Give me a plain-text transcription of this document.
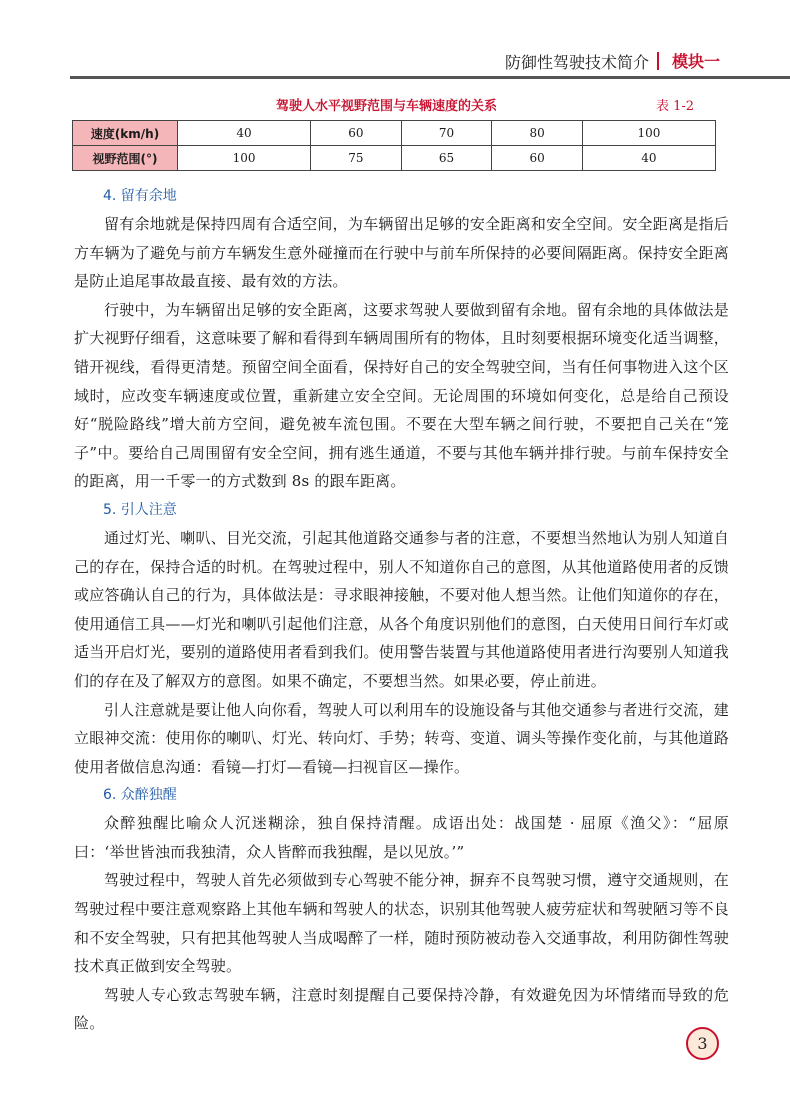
防御性驾驶技术简介 模块一
驾驶人水平视野范围与车辆速度的关系	表 1-2
速度(km/h)	40	60	70	80	100
视野范围(°)	100	75	65	60	40
4. 留有余地

留有余地就是保持四周有合适空间，为车辆留出足够的安全距离和安全空间。安全距离是指后方车辆为了避免与前方车辆发生意外碰撞而在行驶中与前车所保持的必要间隔距离。保持安全距离是防止追尾事故最直接、最有效的方法。

行驶中，为车辆留出足够的安全距离，这要求驾驶人要做到留有余地。留有余地的具体做法是扩大视野仔细看，这意味要了解和看得到车辆周围所有的物体，且时刻要根据环境变化适当调整，错开视线，看得更清楚。预留空间全面看，保持好自己的安全驾驶空间，当有任何事物进入这个区域时，应改变车辆速度或位置，重新建立安全空间。无论周围的环境如何变化，总是给自己预设好“脱险路线”增大前方空间，避免被车流包围。不要在大型车辆之间行驶，不要把自己关在“笼子”中。要给自己周围留有安全空间，拥有逃生通道，不要与其他车辆并排行驶。与前车保持安全的距离，用一千零一的方式数到 8s 的跟车距离。

5. 引人注意

通过灯光、喇叭、目光交流，引起其他道路交通参与者的注意，不要想当然地认为别人知道自己的存在，保持合适的时机。在驾驶过程中，别人不知道你自己的意图，从其他道路使用者的反馈或应答确认自己的行为，具体做法是：寻求眼神接触，不要对他人想当然。让他们知道你的存在，使用通信工具——灯光和喇叭引起他们注意，从各个角度识别他们的意图，白天使用日间行车灯或适当开启灯光，要别的道路使用者看到我们。使用警告装置与其他道路使用者进行沟要别人知道我们的存在及了解双方的意图。如果不确定，不要想当然。如果必要，停止前进。

引人注意就是要让他人向你看，驾驶人可以利用车的设施设备与其他交通参与者进行交流，建立眼神交流：使用你的喇叭、灯光、转向灯、手势；转弯、变道、调头等操作变化前，与其他道路使用者做信息沟通：看镜—打灯—看镜—扫视盲区—操作。

6. 众醉独醒

众醉独醒比喻众人沉迷糊涂，独自保持清醒。成语出处：战国楚 · 屈原《渔父》：“屈原曰：‘举世皆浊而我独清，众人皆醉而我独醒，是以见放。’”

驾驶过程中，驾驶人首先必须做到专心驾驶不能分神，摒弃不良驾驶习惯，遵守交通规则，在驾驶过程中要注意观察路上其他车辆和驾驶人的状态，识别其他驾驶人疲劳症状和驾驶陋习等不良和不安全驾驶，只有把其他驾驶人当成喝醉了一样，随时预防被动卷入交通事故，利用防御性驾驶技术真正做到安全驾驶。

驾驶人专心致志驾驶车辆，注意时刻提醒自己要保持冷静，有效避免因为坏情绪而导致的危险。

3
